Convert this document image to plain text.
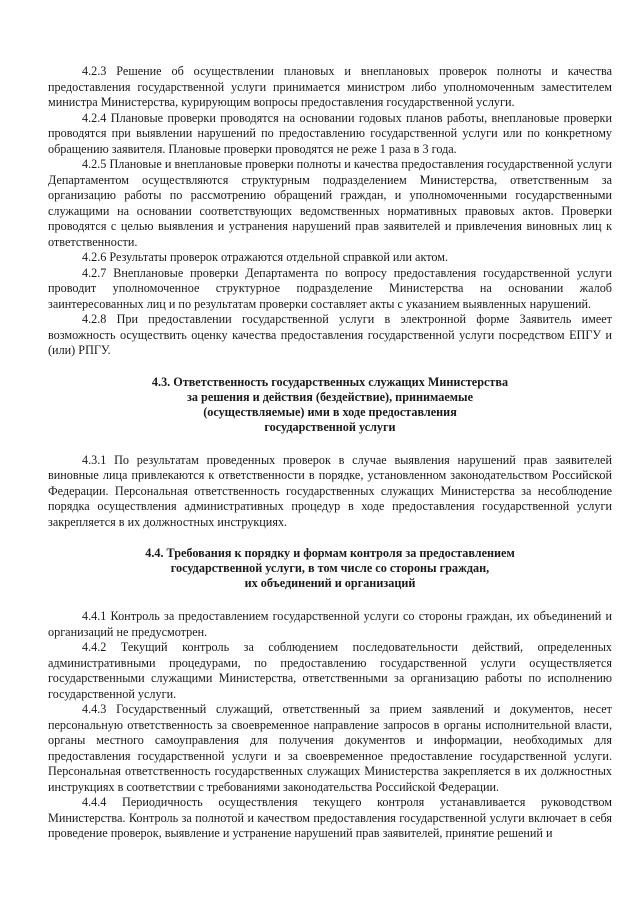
4.2.3 Решение об осуществлении плановых и внеплановых проверок полноты и качества предоставления государственной услуги принимается министром либо уполномоченным заместителем министра Министерства, курирующим вопросы предоставления государственной услуги.

4.2.4 Плановые проверки проводятся на основании годовых планов работы, внеплановые проверки проводятся при выявлении нарушений по предоставлению государственной услуги или по конкретному обращению заявителя. Плановые проверки проводятся не реже 1 раза в 3 года.

4.2.5 Плановые и внеплановые проверки полноты и качества предоставления государственной услуги Департаментом осуществляются структурным подразделением Министерства, ответственным за организацию работы по рассмотрению обращений граждан, и уполномоченными государственными служащими на основании соответствующих ведомственных нормативных правовых актов. Проверки проводятся с целью выявления и устранения нарушений прав заявителей и привлечения виновных лиц к ответственности.

4.2.6 Результаты проверок отражаются отдельной справкой или актом.

4.2.7 Внеплановые проверки Департамента по вопросу предоставления государственной услуги проводит уполномоченное структурное подразделение Министерства на основании жалоб заинтересованных лиц и по результатам проверки составляет акты с указанием выявленных нарушений.

4.2.8 При предоставлении государственной услуги в электронной форме Заявитель имеет возможность осуществить оценку качества предоставления государственной услуги посредством ЕПГУ и (или) РПГУ.

4.3. Ответственность государственных служащих Министерства
за решения и действия (бездействие), принимаемые
(осуществляемые) ими в ходе предоставления
государственной услуги

4.3.1 По результатам проведенных проверок в случае выявления нарушений прав заявителей виновные лица привлекаются к ответственности в порядке, установленном законодательством Российской Федерации. Персональная ответственность государственных служащих Министерства за несоблюдение порядка осуществления административных процедур в ходе предоставления государственной услуги закрепляется в их должностных инструкциях.

4.4. Требования к порядку и формам контроля за предоставлением
государственной услуги, в том числе со стороны граждан,
их объединений и организаций

4.4.1 Контроль за предоставлением государственной услуги со стороны граждан, их объединений и организаций не предусмотрен.

4.4.2 Текущий контроль за соблюдением последовательности действий, определенных административными процедурами, по предоставлению государственной услуги осуществляется государственными служащими Министерства, ответственными за организацию работы по исполнению государственной услуги.

4.4.3 Государственный служащий, ответственный за прием заявлений и документов, несет персональную ответственность за своевременное направление запросов в органы исполнительной власти, органы местного самоуправления для получения документов и информации, необходимых для предоставления государственной услуги и за своевременное предоставление государственной услуги. Персональная ответственность государственных служащих Министерства закрепляется в их должностных инструкциях в соответствии с требованиями законодательства Российской Федерации.

4.4.4 Периодичность осуществления текущего контроля устанавливается руководством Министерства. Контроль за полнотой и качеством предоставления государственной услуги включает в себя проведение проверок, выявление и устранение нарушений прав заявителей, принятие решений и
